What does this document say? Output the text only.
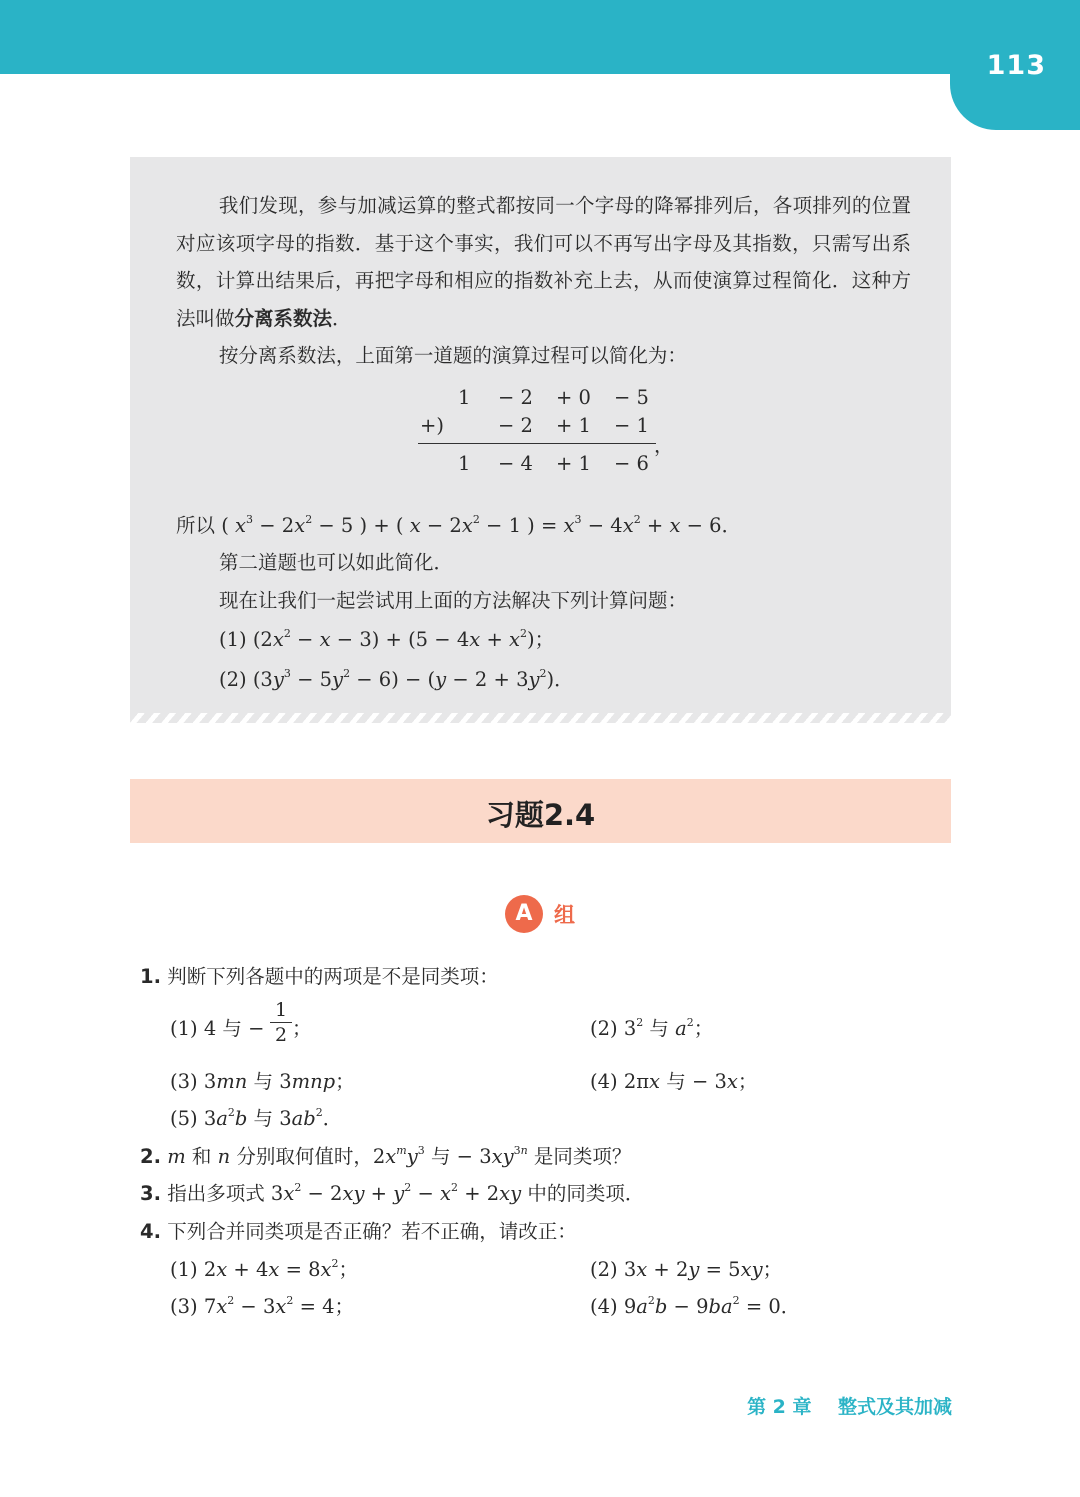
113
我们发现，参与加减运算的整式都按同一个字母的降幂排列后，各项排列的位置对应该项字母的指数．基于这个事实，我们可以不再写出字母及其指数，只需写出系数，计算出结果后，再把字母和相应的指数补充上去，从而使演算过程简化．这种方法叫做分离系数法．
按分离系数法，上面第一道题的演算过程可以简化为：
1 − 2 + 0 − 5
+)	− 2 + 1 − 1
，
1 − 4 + 1 − 6
所以 ( $x^3 - 2x^2 - 5$ ) + ( $x - 2x^2 - 1$ ) = $x^3 - 4x^2 + x - 6$．
第二道题也可以如此简化．
现在让我们一起尝试用上面的方法解决下列计算问题：
(1) $(2x^2 - x - 3) + (5 - 4x + x^2)$；
(2) $(3y^3 - 5y^2 - 6) - (y - 2 + 3y^2)$．
习题2.4
A	组
1. 判断下列各题中的两项是不是同类项：
(1) 4 与 −
1
2 ；	(2) $3^2$ 与 $a^2$；
(3) 3mn 与 3mnp；	(4) 2πx 与 − 3x；
(5) $3a^2b$ 与 $3ab^2$．
2. m 和 n 分别取何值时，$2x^my^3$ 与 − $3xy^{3n}$ 是同类项？
3. 指出多项式 $3x^2 - 2xy + y^2 - x^2 + 2xy$ 中的同类项．
4. 下列合并同类项是否正确？若不正确，请改正：
(1) $2x + 4x = 8x^2$；	(2) 3x + 2y = 5xy；
(3) $7x^2 - 3x^2 = 4$；	(4) $9a^2b - 9ba^2 = 0$．
第 2 章 整式及其加减
